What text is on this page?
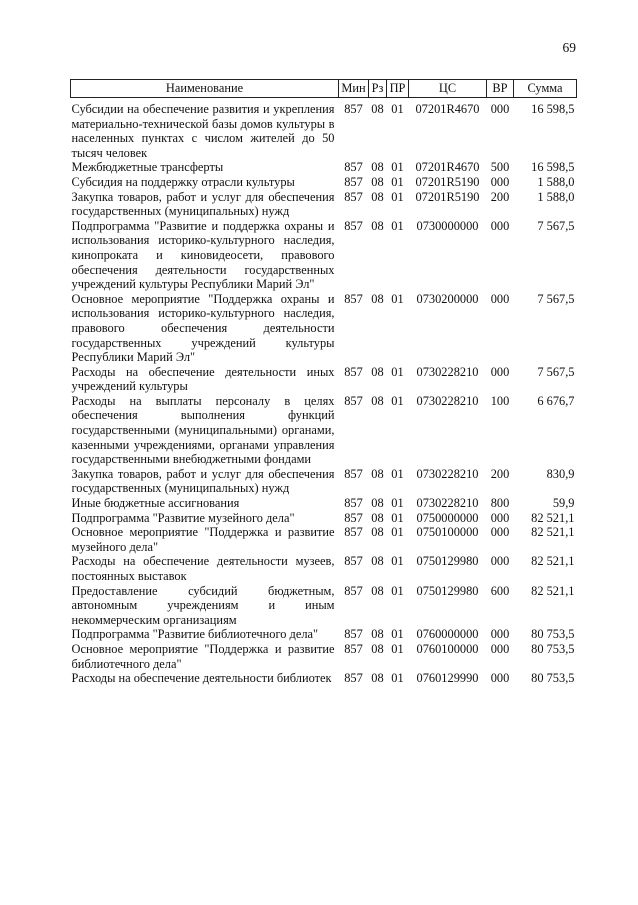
69
Наименование	Мин	Рз	ПР	ЦС	ВР	Сумма
Субсидии на обеспечение развития и укрепления материально-технической базы домов культуры в населенных пунктах с числом жителей до 50 тысяч человек	857	08	01	07201R4670	000	16 598,5
Межбюджетные трансферты	857	08	01	07201R4670	500	16 598,5
Субсидия на поддержку отрасли культуры	857	08	01	07201R5190	000	1 588,0
Закупка товаров, работ и услуг для обеспечения государственных (муниципальных) нужд	857	08	01	07201R5190	200	1 588,0
Подпрограмма "Развитие и поддержка охраны и использования историко-культурного наследия, кинопроката и киновидеосети, правового обеспечения деятельности государственных учреждений культуры Республики Марий Эл"	857	08	01	0730000000	000	7 567,5
Основное мероприятие "Поддержка охраны и использования историко-культурного наследия, правового обеспечения деятельности государственных учреждений культуры Республики Марий Эл"	857	08	01	0730200000	000	7 567,5
Расходы на обеспечение деятельности иных учреждений культуры	857	08	01	0730228210	000	7 567,5
Расходы на выплаты персоналу в целях обеспечения выполнения функций государственными (муниципальными) органами, казенными учреждениями, органами управления государственными внебюджетными фондами	857	08	01	0730228210	100	6 676,7
Закупка товаров, работ и услуг для обеспечения государственных (муниципальных) нужд	857	08	01	0730228210	200	830,9
Иные бюджетные ассигнования	857	08	01	0730228210	800	59,9
Подпрограмма "Развитие музейного дела"	857	08	01	0750000000	000	82 521,1
Основное мероприятие "Поддержка и развитие музейного дела"	857	08	01	0750100000	000	82 521,1
Расходы на обеспечение деятельности музеев, постоянных выставок	857	08	01	0750129980	000	82 521,1
Предоставление субсидий бюджетным, автономным учреждениям и иным некоммерческим организациям	857	08	01	0750129980	600	82 521,1
Подпрограмма "Развитие библиотечного дела"	857	08	01	0760000000	000	80 753,5
Основное мероприятие "Поддержка и развитие библиотечного дела"	857	08	01	0760100000	000	80 753,5
Расходы на обеспечение деятельности библиотек	857	08	01	0760129990	000	80 753,5
